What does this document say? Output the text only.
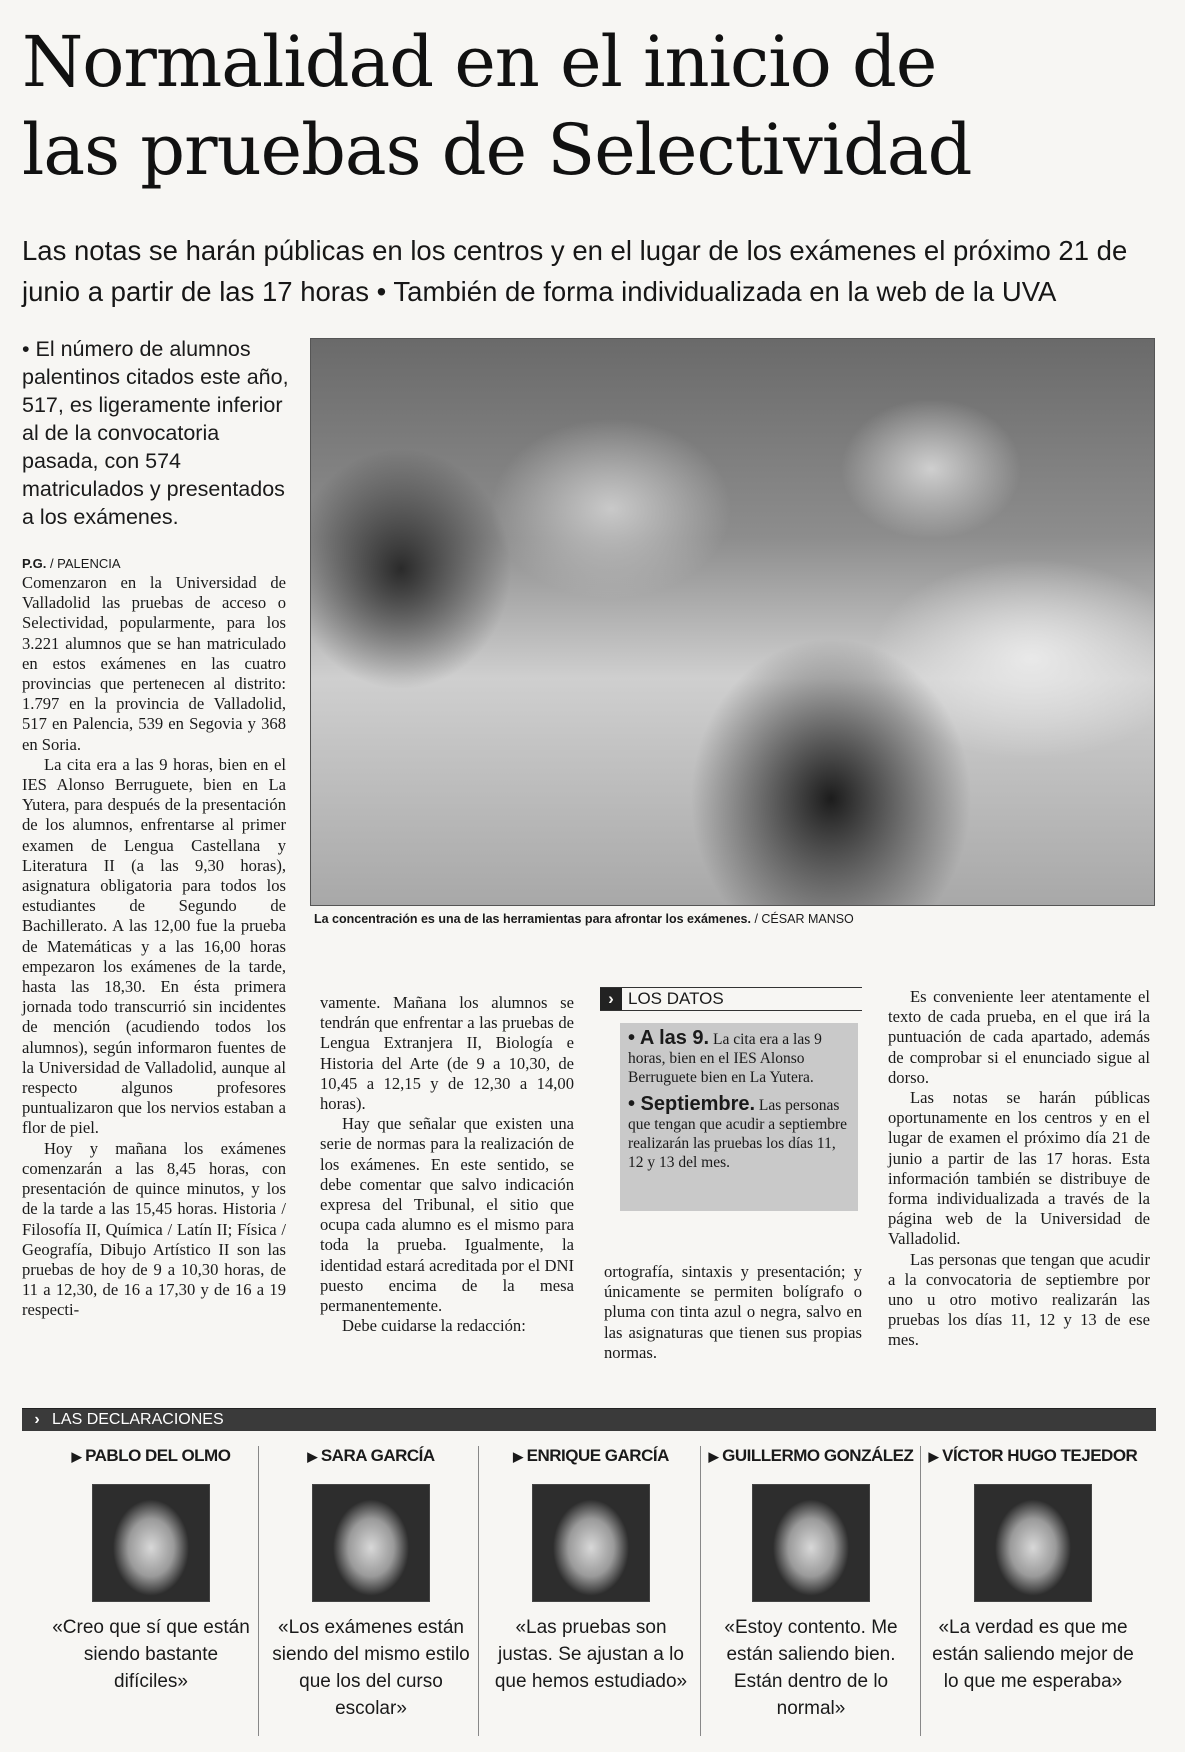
Normalidad en el inicio de
las pruebas de Selectividad
Las notas se harán públicas en los centros y en el lugar de los exámenes el próximo 21 de
junio a partir de las 17 horas • También de forma individualizada en la web de la UVA
• El número de alumnos palentinos citados este año, 517, es ligeramente inferior al de la convocatoria pasada, con 574 matriculados y presentados a los exámenes.
P.G. / PALENCIA

Comenzaron en la Universidad de Valladolid las pruebas de acceso o Selectividad, popularmente, para los 3.221 alumnos que se han matriculado en estos exámenes en las cuatro provincias que pertenecen al distrito: 1.797 en la provincia de Valladolid, 517 en Palencia, 539 en Segovia y 368 en Soria.

La cita era a las 9 horas, bien en el IES Alonso Berruguete, bien en La Yutera, para después de la presentación de los alumnos, enfrentarse al primer examen de Lengua Castellana y Literatura II (a las 9,30 horas), asignatura obligatoria para todos los estudiantes de Segundo de Bachillerato. A las 12,00 fue la prueba de Matemáticas y a las 16,00 horas empezaron los exámenes de la tarde, hasta las 18,30. En ésta primera jornada todo transcurrió sin incidentes de mención (acudiendo todos los alumnos), según informaron fuentes de la Universidad de Valladolid, aunque al respecto algunos profesores puntualizaron que los nervios estaban a flor de piel.

Hoy y mañana los exámenes comenzarán a las 8,45 horas, con presentación de quince minutos, y los de la tarde a las 15,45 horas. Historia / Filosofía II, Química / Latín II; Física / Geografía, Dibujo Artístico II son las pruebas de hoy de 9 a 10,30 horas, de 11 a 12,30, de 16 a 17,30 y de 16 a 19 respecti-

La concentración es una de las herramientas para afrontar los exámenes. / CÉSAR MANSO

vamente. Mañana los alumnos se tendrán que enfrentar a las pruebas de Lengua Extranjera II, Biología e Historia del Arte (de 9 a 10,30, de 10,45 a 12,15 y de 12,30 a 14,00 horas).

Hay que señalar que existen una serie de normas para la realización de los exámenes. En este sentido, se debe comentar que salvo indicación expresa del Tribunal, el sitio que ocupa cada alumno es el mismo para toda la prueba. Igualmente, la identidad estará acreditada por el DNI puesto encima de la mesa permanentemente.

Debe cuidarse la redacción:

› LOS DATOS

• A las 9. La cita era a las 9 horas, bien en el IES Alonso Berruguete bien en La Yutera.

• Septiembre. Las personas que tengan que acudir a septiembre realizarán las pruebas los días 11, 12 y 13 del mes.

ortografía, sintaxis y presentación; y únicamente se permiten bolígrafo o pluma con tinta azul o negra, salvo en las asignaturas que tienen sus propias normas.

Es conveniente leer atentamente el texto de cada prueba, en el que irá la puntuación de cada apartado, además de comprobar si el enunciado sigue al dorso.

Las notas se harán públicas oportunamente en los centros y en el lugar de examen el próximo día 21 de junio a partir de las 17 horas. Esta información también se distribuye de forma individualizada a través de la página web de la Universidad de Valladolid.

Las personas que tengan que acudir a la convocatoria de septiembre por uno u otro motivo realizarán las pruebas los días 11, 12 y 13 de ese mes.

› LAS DECLARACIONES
▶ PABLO DEL OLMO
«Creo que sí que están siendo bastante difíciles»
▶ SARA GARCÍA
«Los exámenes están siendo del mismo estilo que los del curso escolar»
▶ ENRIQUE GARCÍA
«Las pruebas son justas. Se ajustan a lo que hemos estudiado»
▶ GUILLERMO GONZÁLEZ
«Estoy contento. Me están saliendo bien. Están dentro de lo normal»
▶ VÍCTOR HUGO TEJEDOR
«La verdad es que me están saliendo mejor de lo que me esperaba»
